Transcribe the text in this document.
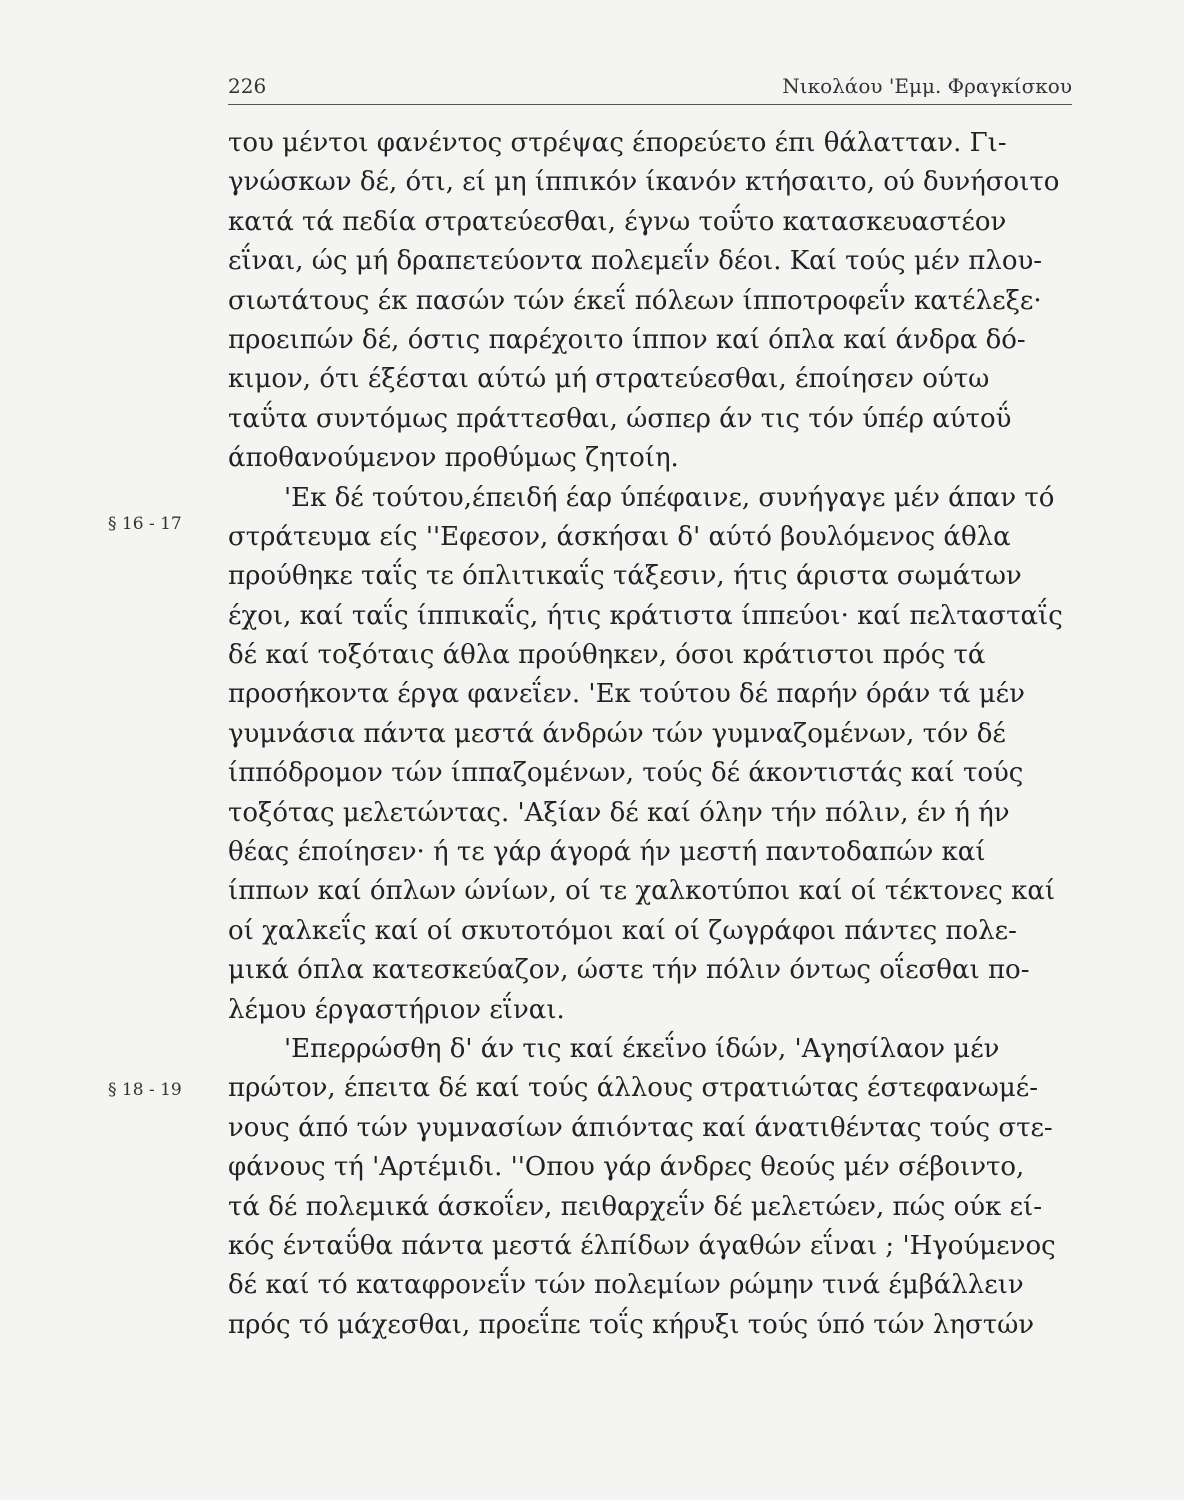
226	Νικολάου 'Εμμ. Φραγκίσκου
§ 16 - 17
§ 18 - 19
του μέντοι φανέντος στρέψας έπορεύετο έπι θάλατταν. Γι-
γνώσκων δέ, ότι, εί μη ίππικόν ίκανόν κτήσαιτο, ού δυνήσοιτο
κατά τά πεδία στρατεύεσθαι, έγνω τοΰτο κατασκευαστέον
εΐναι, ώς μή δραπετεύοντα πολεμεΐν δέοι. Καί τούς μέν πλου-
σιωτάτους έκ πασών τών έκεΐ πόλεων ίπποτροφεΐν κατέλεξε·
προειπών δέ, όστις παρέχοιτο ίππον καί όπλα καί άνδρα δό-
κιμον, ότι έξέσται αύτώ μή στρατεύεσθαι, έποίησεν ούτω
ταΰτα συντόμως πράττεσθαι, ώσπερ άν τις τόν ύπέρ αύτοΰ
άποθανούμενον προθύμως ζητοίη.
'Εκ δέ τούτου,έπειδή έαρ ύπέφαινε, συνήγαγε μέν άπαν τό
στράτευμα είς ''Εφεσον, άσκήσαι δ' αύτό βουλόμενος άθλα
προύθηκε ταΐς τε όπλιτικαΐς τάξεσιν, ήτις άριστα σωμάτων
έχοι, καί ταΐς ίππικαΐς, ήτις κράτιστα ίππεύοι· καί πελτασταΐς
δέ καί τοξόταις άθλα προύθηκεν, όσοι κράτιστοι πρός τά
προσήκοντα έργα φανεΐεν. 'Εκ τούτου δέ παρήν όράν τά μέν
γυμνάσια πάντα μεστά άνδρών τών γυμναζομένων, τόν δέ
ίππόδρομον τών ίππαζομένων, τούς δέ άκοντιστάς καί τούς
τοξότας μελετώντας. 'Αξίαν δέ καί όλην τήν πόλιν, έν ή ήν
θέας έποίησεν· ή τε γάρ άγορά ήν μεστή παντοδαπών καί
ίππων καί όπλων ώνίων, οί τε χαλκοτύποι καί οί τέκτονες καί
οί χαλκεΐς καί οί σκυτοτόμοι καί οί ζωγράφοι πάντες πολε-
μικά όπλα κατεσκεύαζον, ώστε τήν πόλιν όντως οΐεσθαι πο-
λέμου έργαστήριον εΐναι.
'Επερρώσθη δ' άν τις καί έκεΐνο ίδών, 'Αγησίλαον μέν
πρώτον, έπειτα δέ καί τούς άλλους στρατιώτας έστεφανωμέ-
νους άπό τών γυμνασίων άπιόντας καί άνατιθέντας τούς στε-
φάνους τή 'Αρτέμιδι. ''Οπου γάρ άνδρες θεούς μέν σέβοιντο,
τά δέ πολεμικά άσκοΐεν, πειθαρχεΐν δέ μελετώεν, πώς ούκ εί-
κός ένταΰθα πάντα μεστά έλπίδων άγαθών εΐναι ; 'Ηγούμενος
δέ καί τό καταφρονεΐν τών πολεμίων ρώμην τινά έμβάλλειν
πρός τό μάχεσθαι, προεΐπε τοΐς κήρυξι τούς ύπό τών ληστών
